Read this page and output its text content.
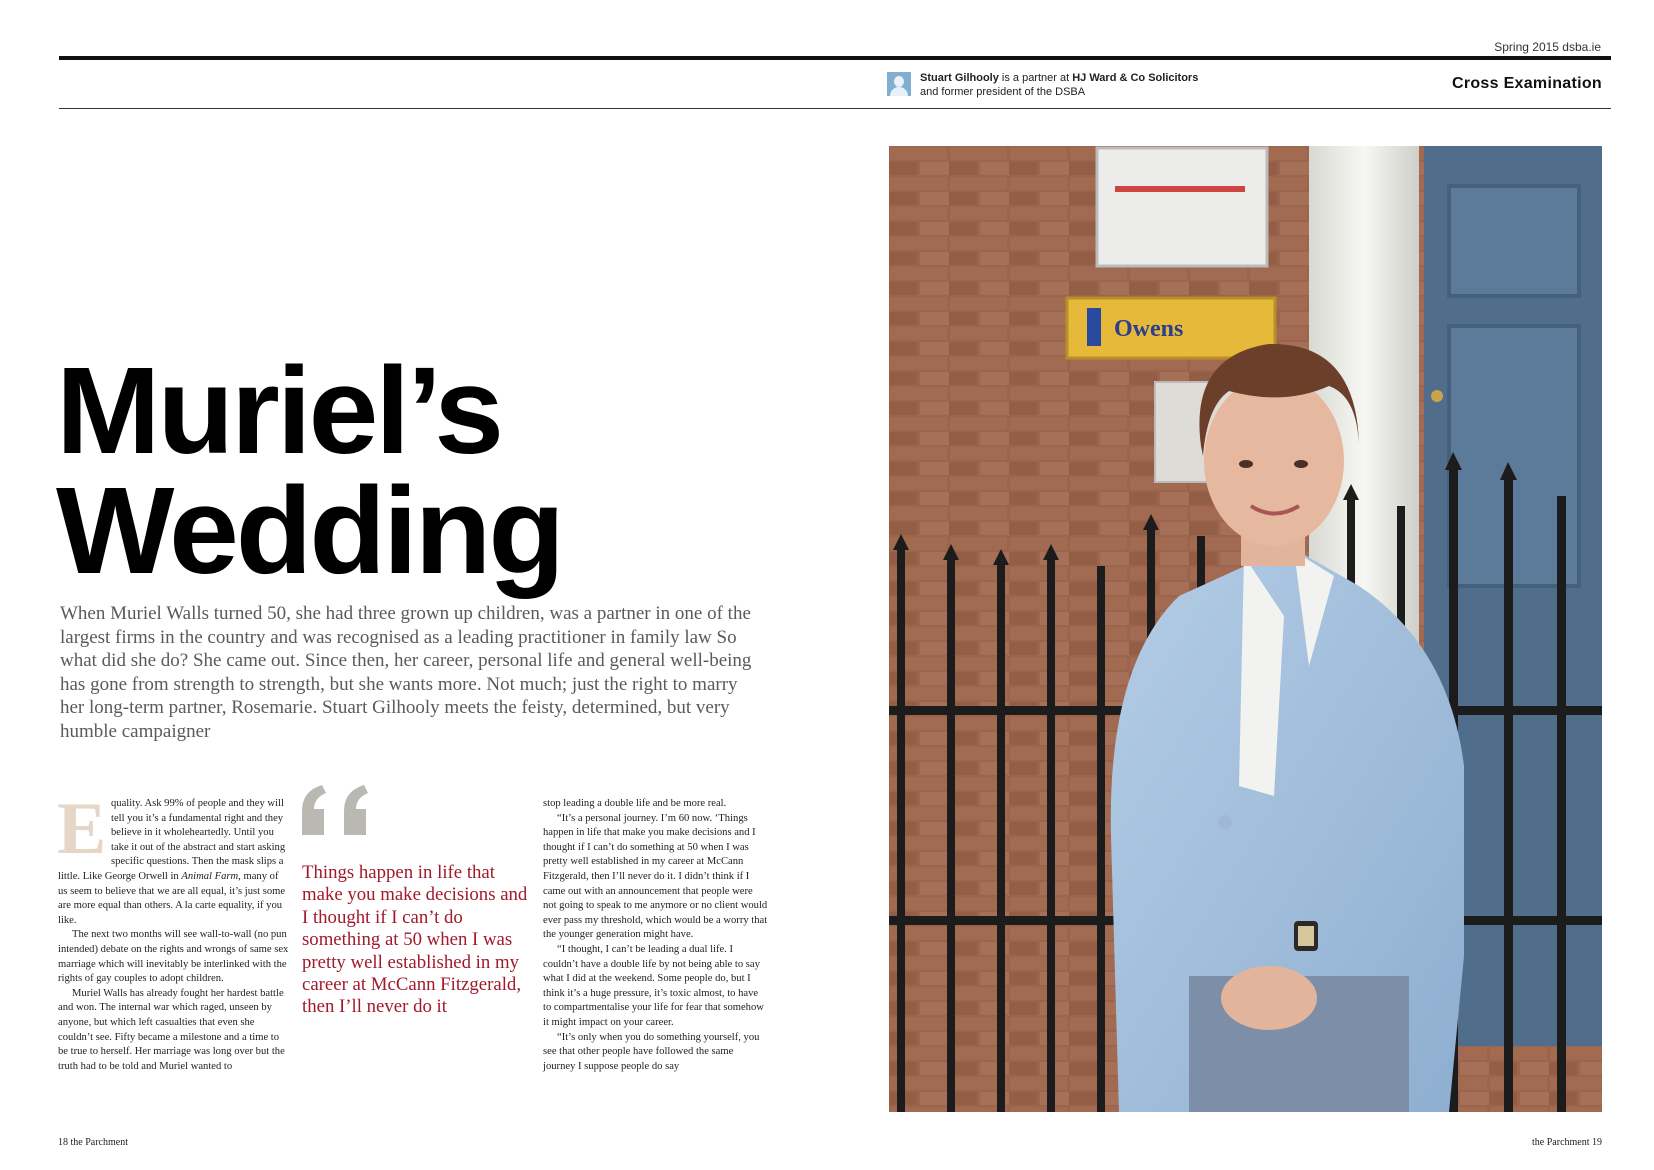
Spring 2015 dsba.ie
Stuart Gilhooly is a partner at HJ Ward & Co Solicitors
and former president of the DSBA	Cross Examination
Muriel’s
Wedding
When Muriel Walls turned 50, she had three grown up children, was a partner in one of the largest firms in the country and was recognised as a leading practitioner in family law So what did she do? She came out. Since then, her career, personal life and general well-being has gone from strength to strength, but she wants more. Not much; just the right to marry her long-term partner, Rosemarie. Stuart Gilhooly meets the feisty, determined, but very humble campaigner

Equality. Ask 99% of people and they will tell you it’s a fundamental right and they believe in it wholeheartedly. Until you take it out of the abstract and start asking specific questions. Then the mask slips a little. Like George Orwell in Animal Farm, many of us seem to believe that we are all equal, it’s just some are more equal than others. A la carte equality, if you like.

The next two months will see wall-to-wall (no pun intended) debate on the rights and wrongs of same sex marriage which will inevitably be interlinked with the rights of gay couples to adopt children.

Muriel Walls has already fought her hardest battle and won. The internal war which raged, unseen by anyone, but which left casualties that even she couldn’t see. Fifty became a milestone and a time to be true to herself. Her marriage was long over but the truth had to be told and Muriel wanted to

Things happen in life that make you make decisions and I thought if I can’t do something at 50 when I was pretty well established in my career at McCann Fitzgerald, then I’ll never do it

stop leading a double life and be more real.

“It’s a personal journey. I’m 60 now. ‘Things happen in life that make you make decisions and I thought if I can’t do something at 50 when I was pretty well established in my career at McCann Fitzgerald, then I’ll never do it. I didn’t think if I came out with an announcement that people were not going to speak to me anymore or no client would ever pass my threshold, which would be a worry that the younger generation might have.

“I thought, I can’t be leading a dual life. I couldn’t have a double life by not being able to say what I did at the weekend. Some people do, but I think it’s a huge pressure, it’s toxic almost, to have to compartmentalise your life for fear that somehow it might impact on your career.

“It’s only when you do something yourself, you see that other people have followed the same journey I suppose people do say

Owens
18 the Parchment	the Parchment 19
